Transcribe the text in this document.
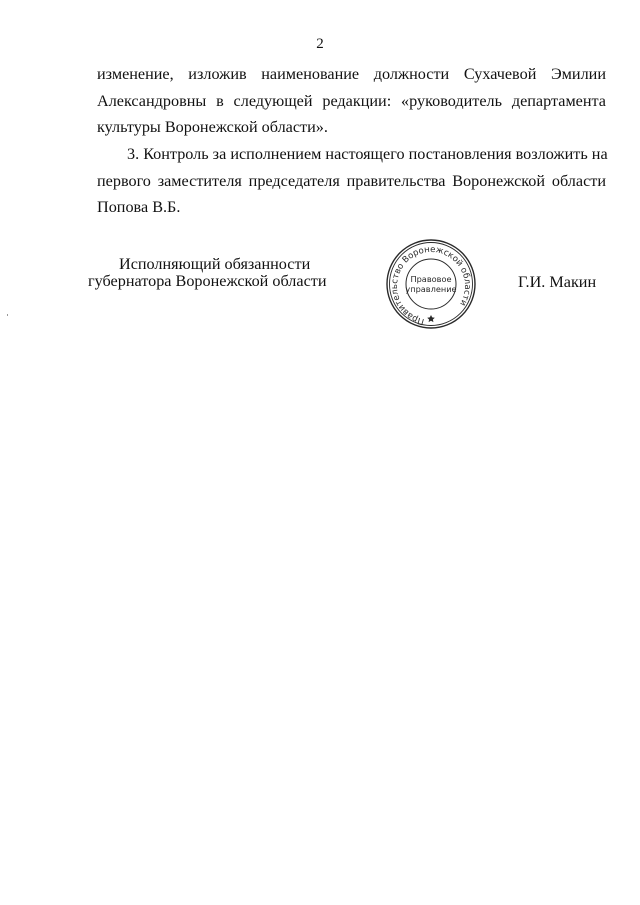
2
изменение, изложив наименование должности Сухачевой Эмилии
Александровны в следующей редакции: «руководитель департамента
культуры Воронежской области».
3. Контроль за исполнением настоящего постановления возложить на
первого заместителя председателя правительства Воронежской области
Попова В.Б.
Исполняющий обязанности
губернатора Воронежской области
Правительство Воронежской области
Правовое
управление	Г.И. Макин
